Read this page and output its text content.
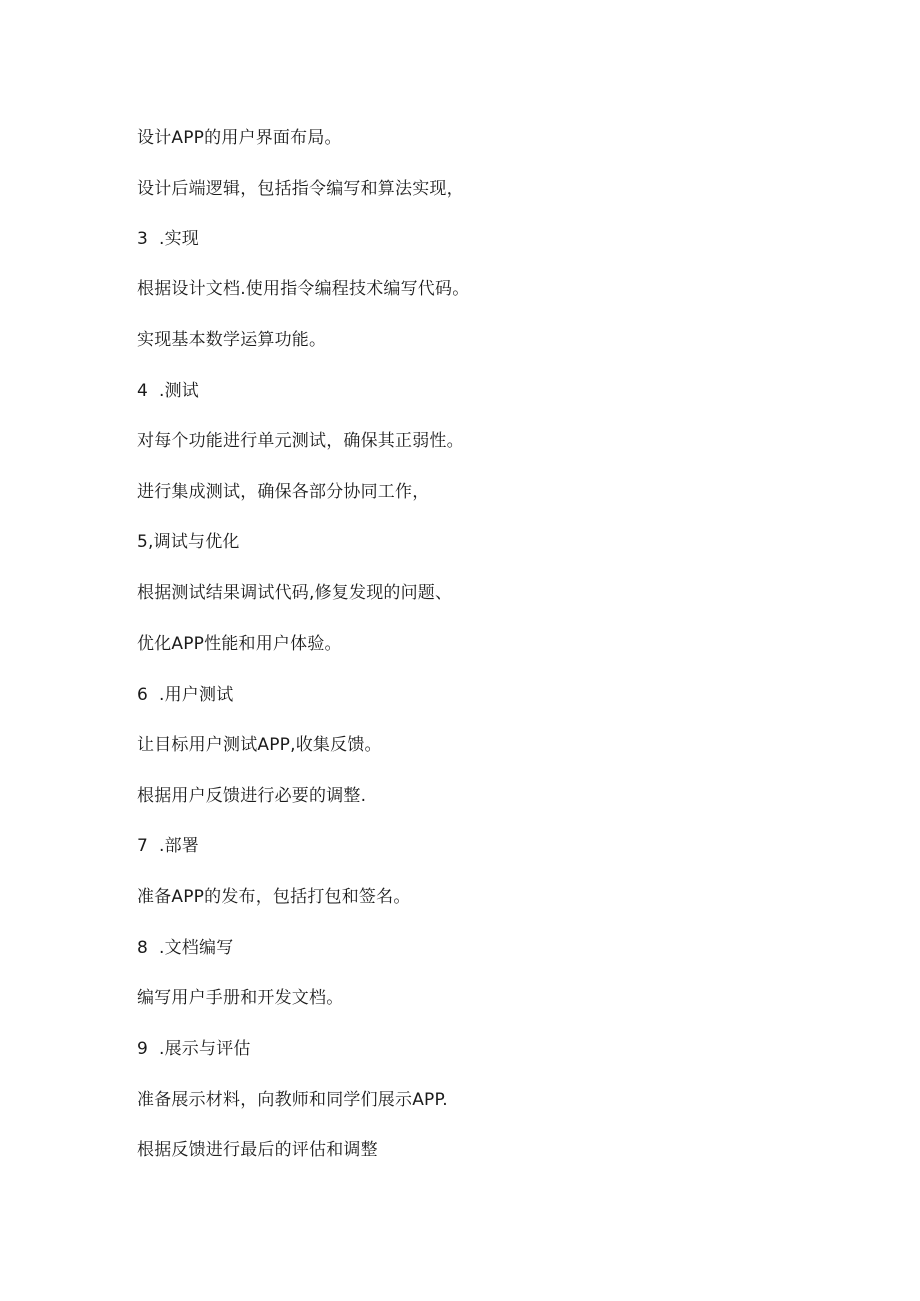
设计APP的用户界面布局。
设计后端逻辑，包括指令编写和算法实现，
3 .实现
根据设计文档.使用指令编程技术编写代码。
实现基本数学运算功能。
4 .测试
对每个功能进行单元测试，确保其正弱性。
进行集成测试，确保各部分协同工作，
5,调试与优化
根据测试结果调试代码,修复发现的问题、
优化APP性能和用户体验。
6 .用户测试
让目标用户测试APP,收集反馈。
根据用户反馈进行必要的调整.
7 .部署
准备APP的发布，包括打包和签名。
8 .文档编写
编写用户手册和开发文档。
9 .展示与评估
准备展示材料，向教师和同学们展示APP.
根据反馈进行最后的评估和调整
